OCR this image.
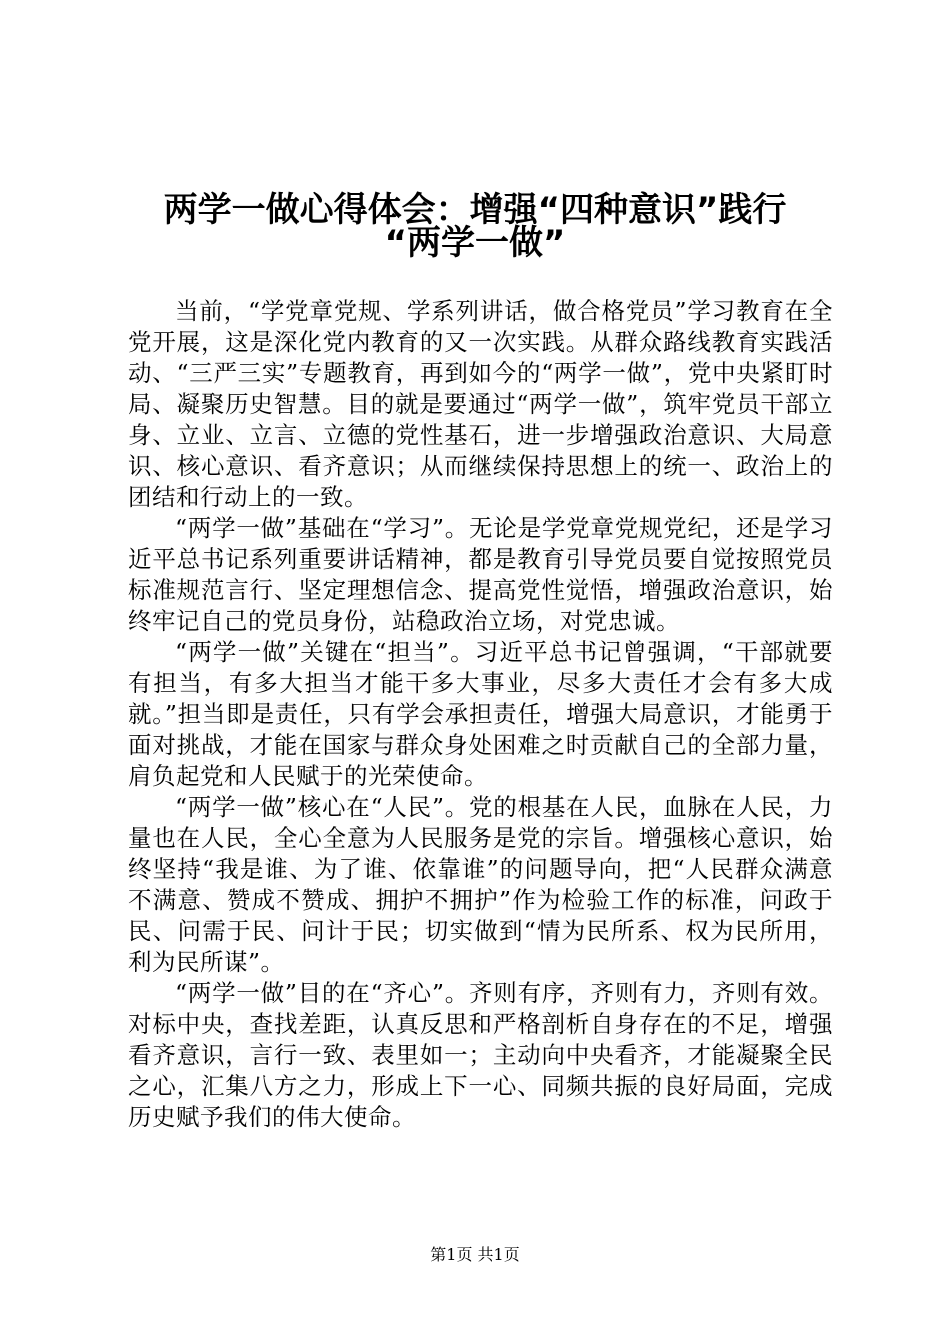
两学一做心得体会：增强“四种意识”践行
“两学一做”

当前，“学党章党规、学系列讲话，做合格党员”学习教育在全党开展，这是深化党内教育的又一次实践。从群众路线教育实践活动、“三严三实”专题教育，再到如今的“两学一做”，党中央紧盯时局、凝聚历史智慧。目的就是要通过“两学一做”，筑牢党员干部立身、立业、立言、立德的党性基石，进一步增强政治意识、大局意识、核心意识、看齐意识；从而继续保持思想上的统一、政治上的团结和行动上的一致。

“两学一做”基础在“学习”。无论是学党章党规党纪，还是学习近平总书记系列重要讲话精神，都是教育引导党员要自觉按照党员标准规范言行、坚定理想信念、提高党性觉悟，增强政治意识，始终牢记自己的党员身份，站稳政治立场，对党忠诚。

“两学一做”关键在“担当”。习近平总书记曾强调，“干部就要有担当，有多大担当才能干多大事业，尽多大责任才会有多大成就。”担当即是责任，只有学会承担责任，增强大局意识，才能勇于面对挑战，才能在国家与群众身处困难之时贡献自己的全部力量，肩负起党和人民赋于的光荣使命。

“两学一做”核心在“人民”。党的根基在人民，血脉在人民，力量也在人民，全心全意为人民服务是党的宗旨。增强核心意识，始终坚持“我是谁、为了谁、依靠谁”的问题导向，把“人民群众满意不满意、赞成不赞成、拥护不拥护”作为检验工作的标准，问政于民、问需于民、问计于民；切实做到“情为民所系、权为民所用，利为民所谋”。

“两学一做”目的在“齐心”。齐则有序，齐则有力，齐则有效。对标中央，查找差距，认真反思和严格剖析自身存在的不足，增强看齐意识，言行一致、表里如一；主动向中央看齐，才能凝聚全民之心，汇集八方之力，形成上下一心、同频共振的良好局面，完成历史赋予我们的伟大使命。

第1页 共1页
